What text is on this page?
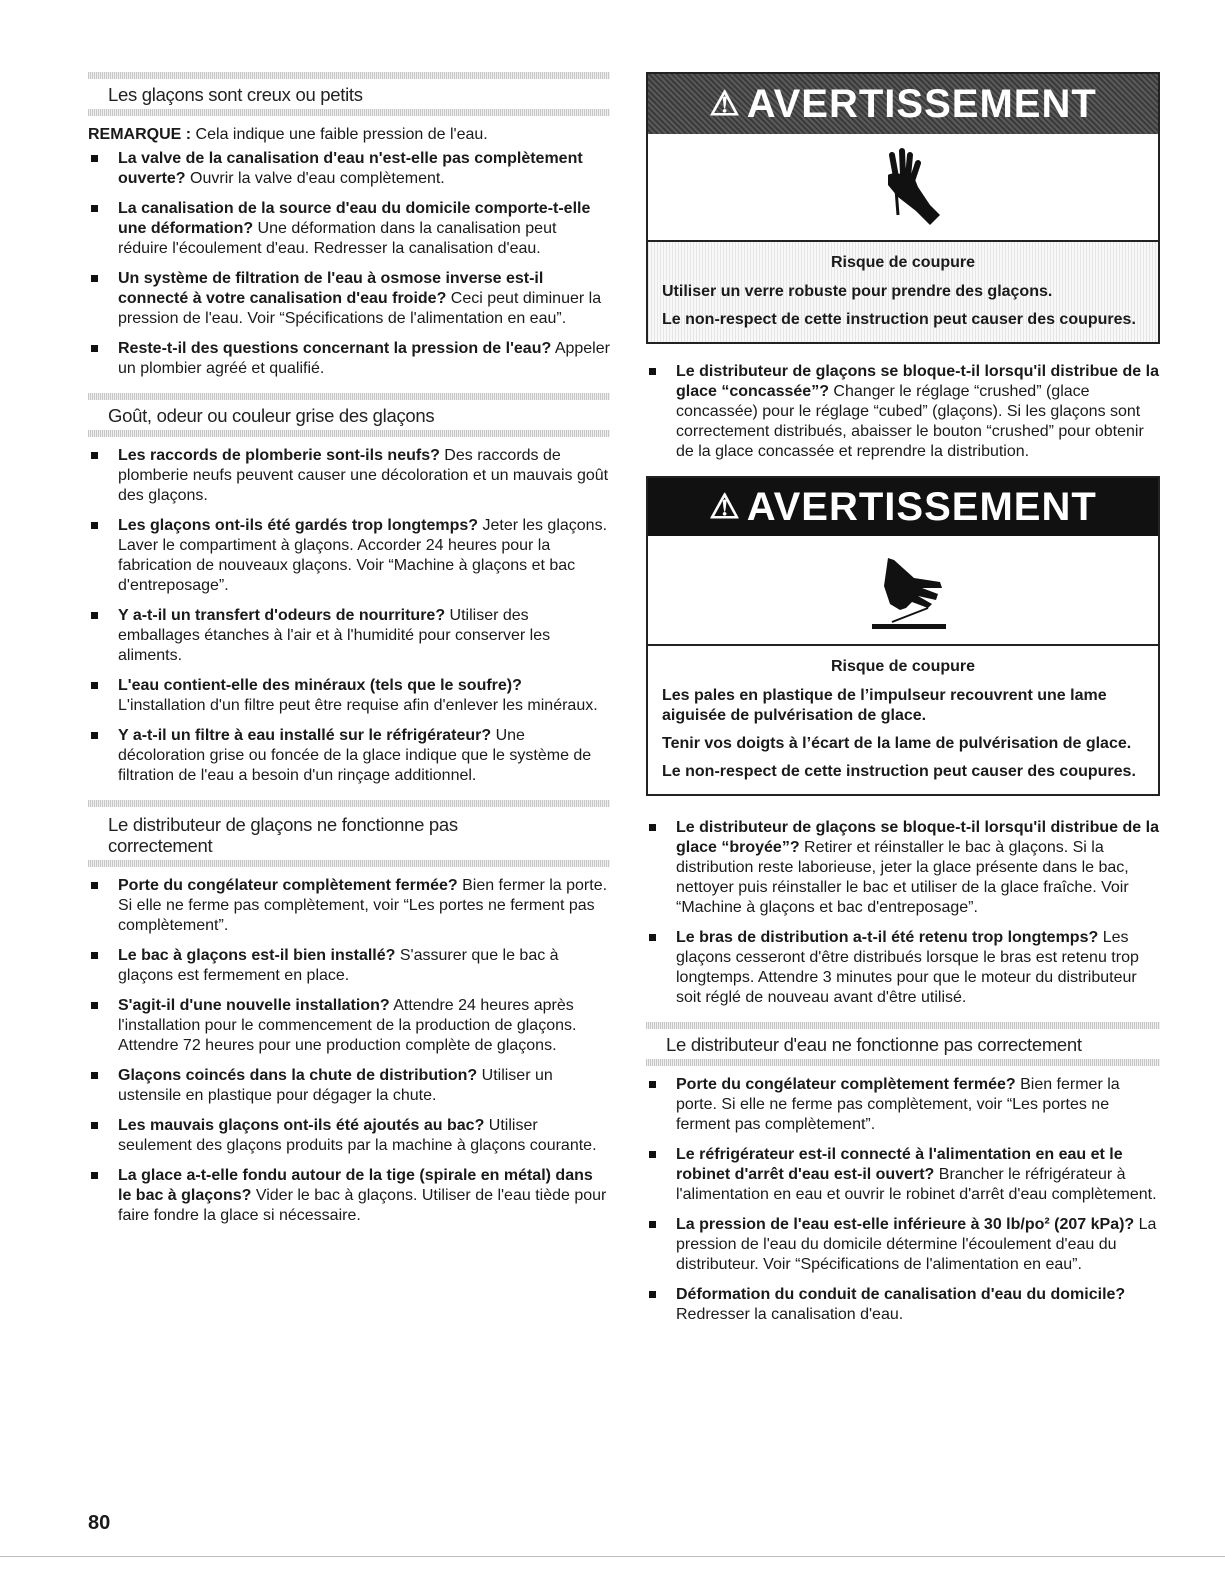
Les glaçons sont creux ou petits

REMARQUE : Cela indique une faible pression de l'eau.

La valve de la canalisation d'eau n'est-elle pas complètement ouverte? Ouvrir la valve d'eau complètement.
La canalisation de la source d'eau du domicile comporte-t-elle une déformation? Une déformation dans la canalisation peut réduire l'écoulement d'eau. Redresser la canalisation d'eau.
Un système de filtration de l'eau à osmose inverse est-il connecté à votre canalisation d'eau froide? Ceci peut diminuer la pression de l'eau. Voir “Spécifications de l'alimentation en eau”.
Reste-t-il des questions concernant la pression de l'eau? Appeler un plombier agréé et qualifié.
Goût, odeur ou couleur grise des glaçons
Les raccords de plomberie sont-ils neufs? Des raccords de plomberie neufs peuvent causer une décoloration et un mauvais goût des glaçons.
Les glaçons ont-ils été gardés trop longtemps? Jeter les glaçons. Laver le compartiment à glaçons. Accorder 24 heures pour la fabrication de nouveaux glaçons. Voir “Machine à glaçons et bac d'entreposage”.
Y a-t-il un transfert d'odeurs de nourriture? Utiliser des emballages étanches à l'air et à l'humidité pour conserver les aliments.
L'eau contient-elle des minéraux (tels que le soufre)? L'installation d'un filtre peut être requise afin d'enlever les minéraux.
Y a-t-il un filtre à eau installé sur le réfrigérateur? Une décoloration grise ou foncée de la glace indique que le système de filtration de l'eau a besoin d'un rinçage additionnel.
Le distributeur de glaçons ne fonctionne pas
correctement
Porte du congélateur complètement fermée? Bien fermer la porte. Si elle ne ferme pas complètement, voir “Les portes ne ferment pas complètement”.
Le bac à glaçons est-il bien installé? S'assurer que le bac à glaçons est fermement en place.
S'agit-il d'une nouvelle installation? Attendre 24 heures après l'installation pour le commencement de la production de glaçons. Attendre 72 heures pour une production complète de glaçons.
Glaçons coincés dans la chute de distribution? Utiliser un ustensile en plastique pour dégager la chute.
Les mauvais glaçons ont-ils été ajoutés au bac? Utiliser seulement des glaçons produits par la machine à glaçons courante.
La glace a-t-elle fondu autour de la tige (spirale en métal) dans le bac à glaçons? Vider le bac à glaçons. Utiliser de l'eau tiède pour faire fondre la glace si nécessaire.
⚠ AVERTISSEMENT
Risque de coupure

Utiliser un verre robuste pour prendre des glaçons.

Le non-respect de cette instruction peut causer des coupures.

Le distributeur de glaçons se bloque-t-il lorsqu'il distribue de la glace “concassée”? Changer le réglage “crushed” (glace concassée) pour le réglage “cubed” (glaçons). Si les glaçons sont correctement distribués, abaisser le bouton “crushed” pour obtenir de la glace concassée et reprendre la distribution.
⚠ AVERTISSEMENT
Risque de coupure

Les pales en plastique de l’impulseur recouvrent une lame aiguisée de pulvérisation de glace.

Tenir vos doigts à l’écart de la lame de pulvérisation de glace.

Le non-respect de cette instruction peut causer des coupures.

Le distributeur de glaçons se bloque-t-il lorsqu'il distribue de la glace “broyée”? Retirer et réinstaller le bac à glaçons. Si la distribution reste laborieuse, jeter la glace présente dans le bac, nettoyer puis réinstaller le bac et utiliser de la glace fraîche. Voir “Machine à glaçons et bac d'entreposage”.
Le bras de distribution a-t-il été retenu trop longtemps? Les glaçons cesseront d'être distribués lorsque le bras est retenu trop longtemps. Attendre 3 minutes pour que le moteur du distributeur soit réglé de nouveau avant d'être utilisé.
Le distributeur d'eau ne fonctionne pas correctement
Porte du congélateur complètement fermée? Bien fermer la porte. Si elle ne ferme pas complètement, voir “Les portes ne ferment pas complètement”.
Le réfrigérateur est-il connecté à l'alimentation en eau et le robinet d'arrêt d'eau est-il ouvert? Brancher le réfrigérateur à l'alimentation en eau et ouvrir le robinet d'arrêt d'eau complètement.
La pression de l'eau est-elle inférieure à 30 lb/po² (207 kPa)? La pression de l'eau du domicile détermine l'écoulement d'eau du distributeur. Voir “Spécifications de l'alimentation en eau”.
Déformation du conduit de canalisation d'eau du domicile? Redresser la canalisation d'eau.
80
